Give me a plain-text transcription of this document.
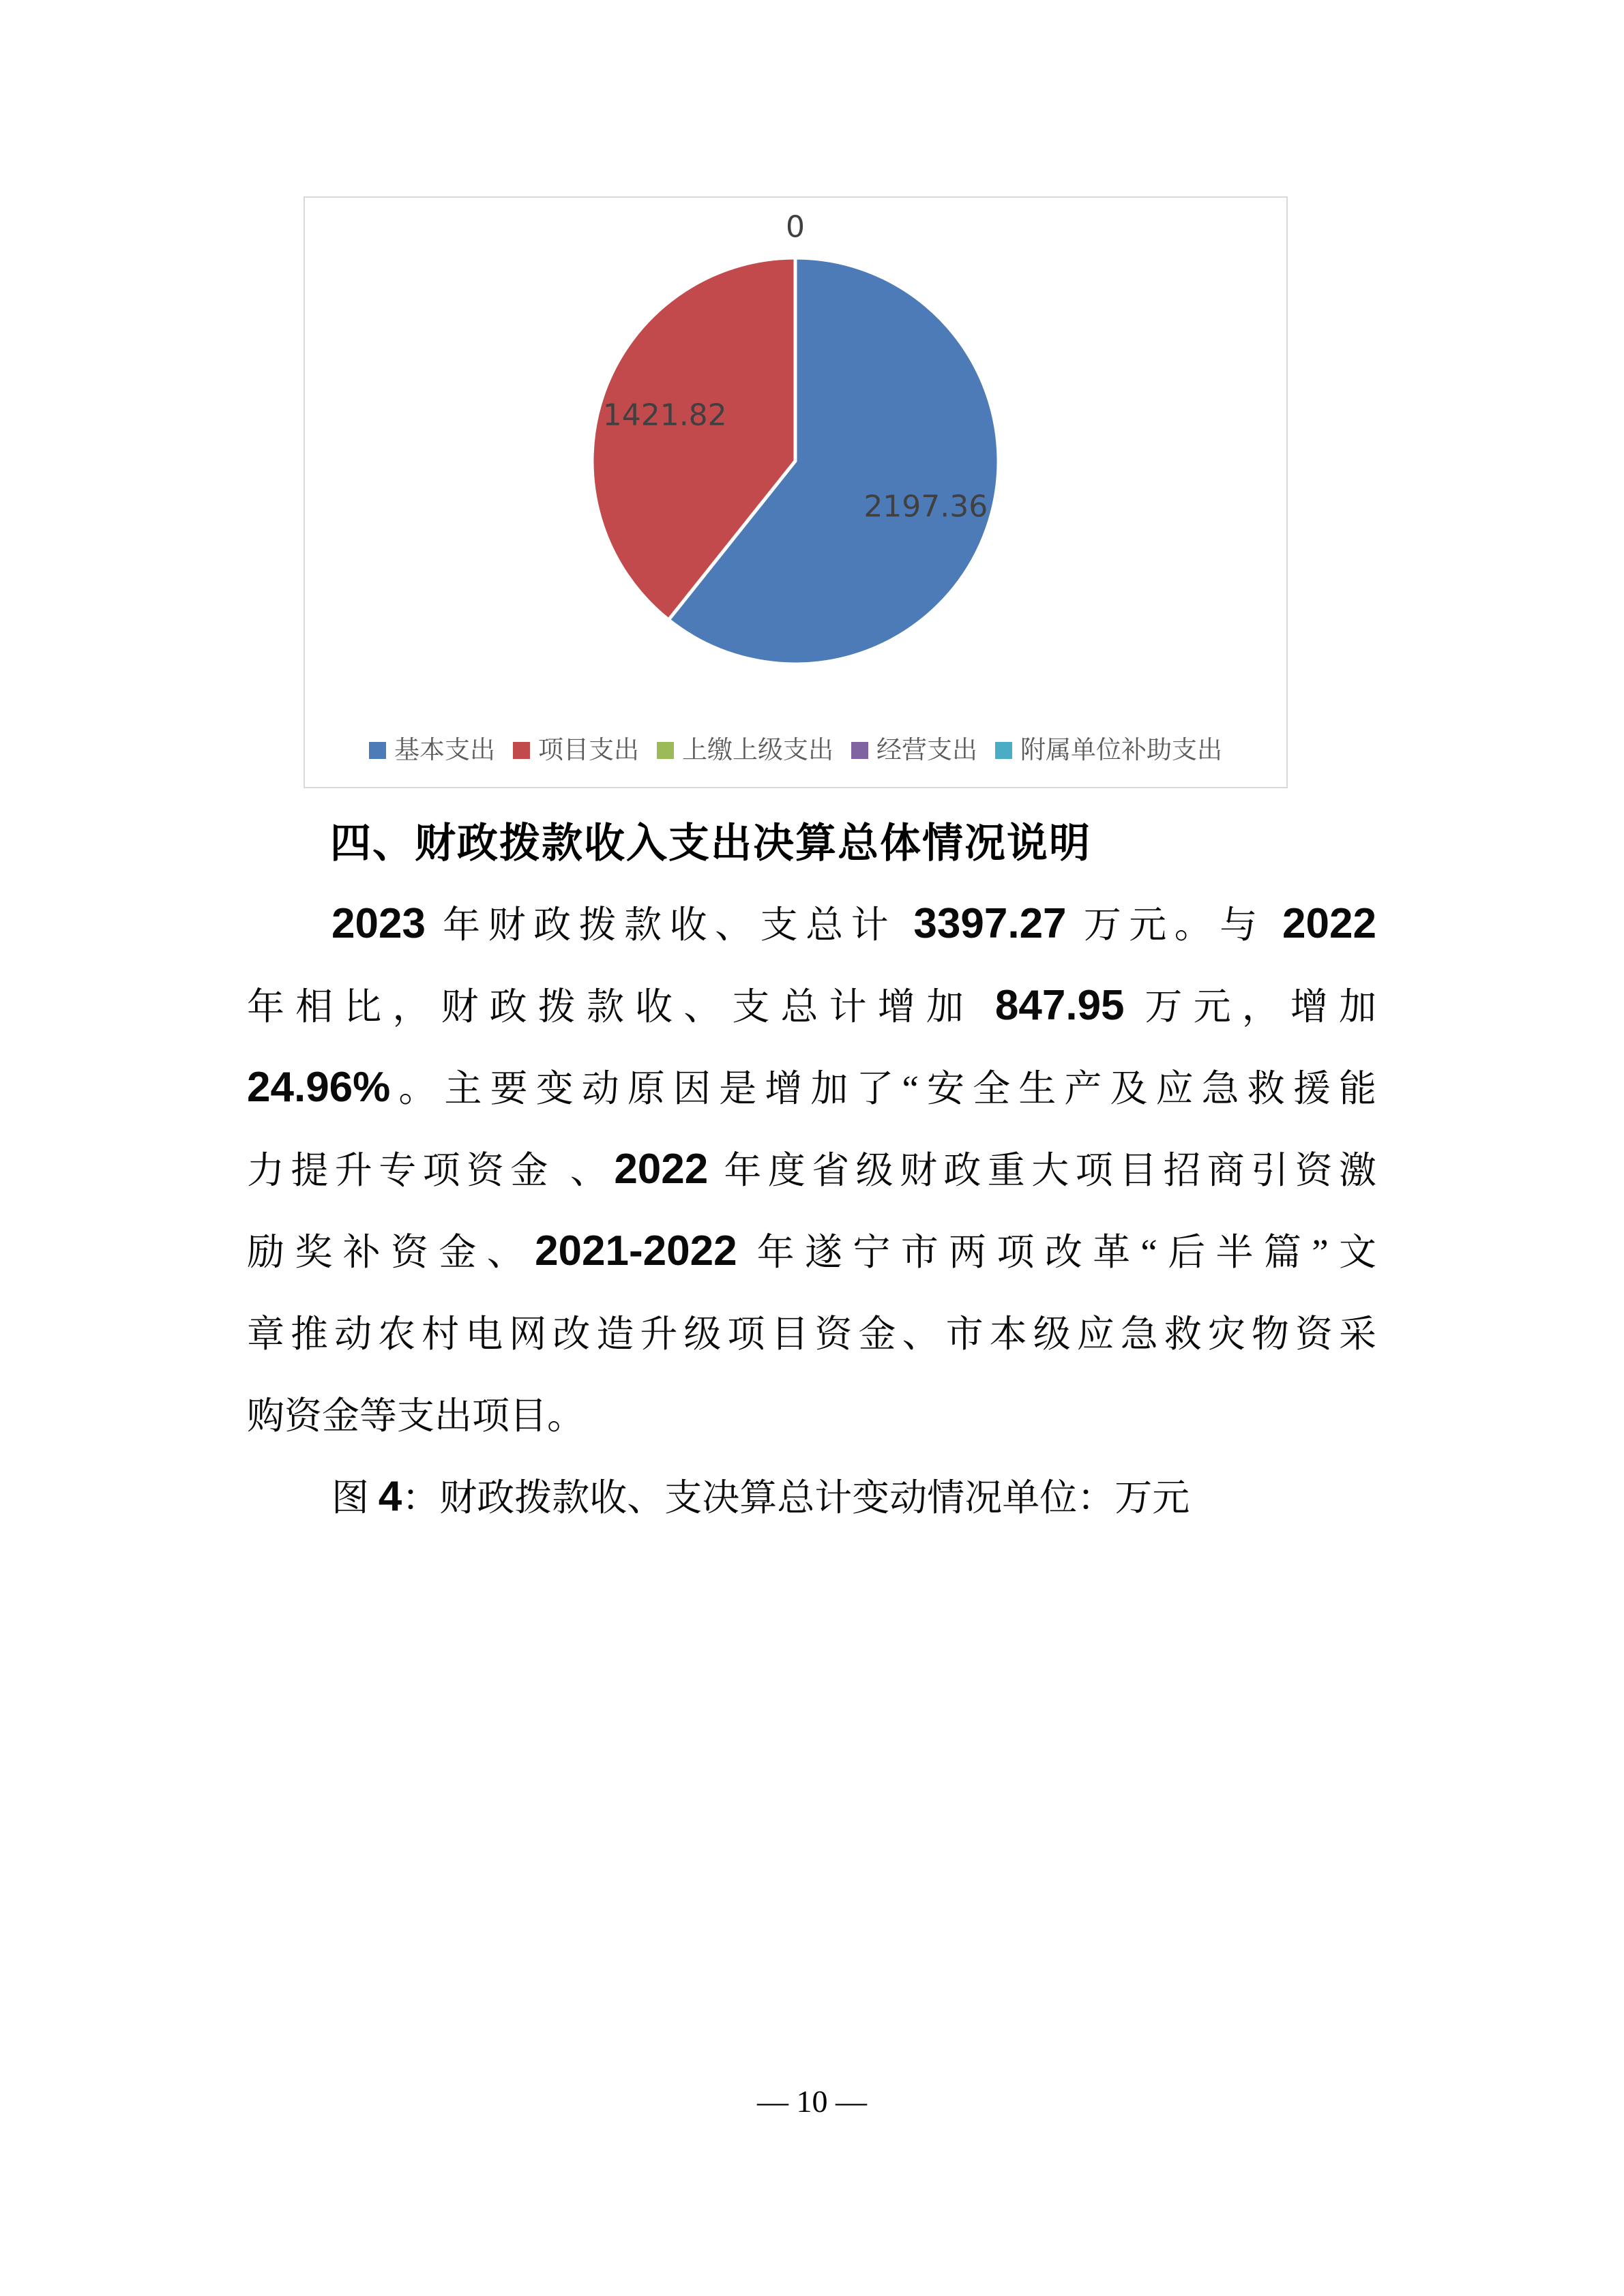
2197.36
1421.82
0
基本支出 项目支出 上缴上级支出 经营支出 附属单位补助支出
四、财政拨款收入支出决算总体情况说明
2023 年财政拨款收、支总计 3397.27 万元。与 2022
年相比，财政拨款收、支总计增加 847.95 万元，增加
24.96%。主要变动原因是增加了“安全生产及应急救援能
力提升专项资金 、2022 年度省级财政重大项目招商引资激
励奖补资金、2021-2022 年遂宁市两项改革“后半篇”文
章推动农村电网改造升级项目资金、市本级应急救灾物资采
购资金等支出项目。
图 4：财政拨款收、支决算总计变动情况单位：万元
— 10 —
